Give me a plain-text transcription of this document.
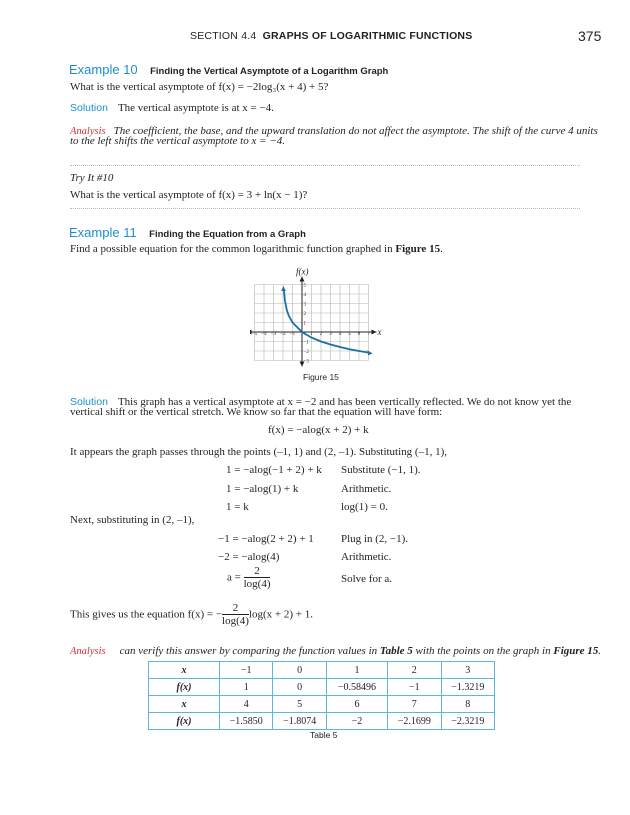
SECTION 4.4 GRAPHS OF LOGARITHMIC FUNCTIONS	375
Example 10 Finding the Vertical Asymptote of a Logarithm Graph
What is the vertical asymptote of f(x) = −2log₃(x + 4) + 5?
Solution The vertical asymptote is at x = −4.
Analysis The coefficient, the base, and the upward translation do not affect the asymptote. The shift of the curve 4 units
to the left shifts the vertical asymptote to x = −4.
Try It #10
What is the vertical asymptote of f(x) = 3 + ln(x − 1)?
Example 11 Finding the Equation from a Graph
Find a possible equation for the common logarithmic function graphed in Figure 15.
f(x)
x
−5 −4 −3 −2 −1	1 2 3 4 5 6 7
5
4
3
2
1
−1
−2
−3
Figure 15
Solution This graph has a vertical asymptote at x = −2 and has been vertically reflected. We do not know yet the
vertical shift or the vertical stretch. We know so far that the equation will have form:
f(x) = −alog(x + 2) + k
It appears the graph passes through the points (–1, 1) and (2, –1). Substituting (–1, 1),
1 = −alog(−1 + 2) + k Substitute (−1, 1).
1 = −alog(1) + k	Arithmetic.
1 = k	log(1) = 0.
Next, substituting in (2, –1),
−1 = −alog(2 + 2) + 1 Plug in (2, −1).
−2 = −alog(4)	Arithmetic.
$a = \frac{2}{\log(4)}$	Solve for a.
This gives us the equation f(x) = − $\frac{2}{\log(4)} \log(x + 2) + 1$.
Analysis can verify this answer by comparing the function values in Table 5 with the points on the graph in Figure 15.
x	−1	0	1	2	3
f(x)	1	0	−0.58496	−1	−1.3219
x	4	5	6	7	8
f(x)	−1.5850	−1.8074	−2	−2.1699	−2.3219
Table 5
